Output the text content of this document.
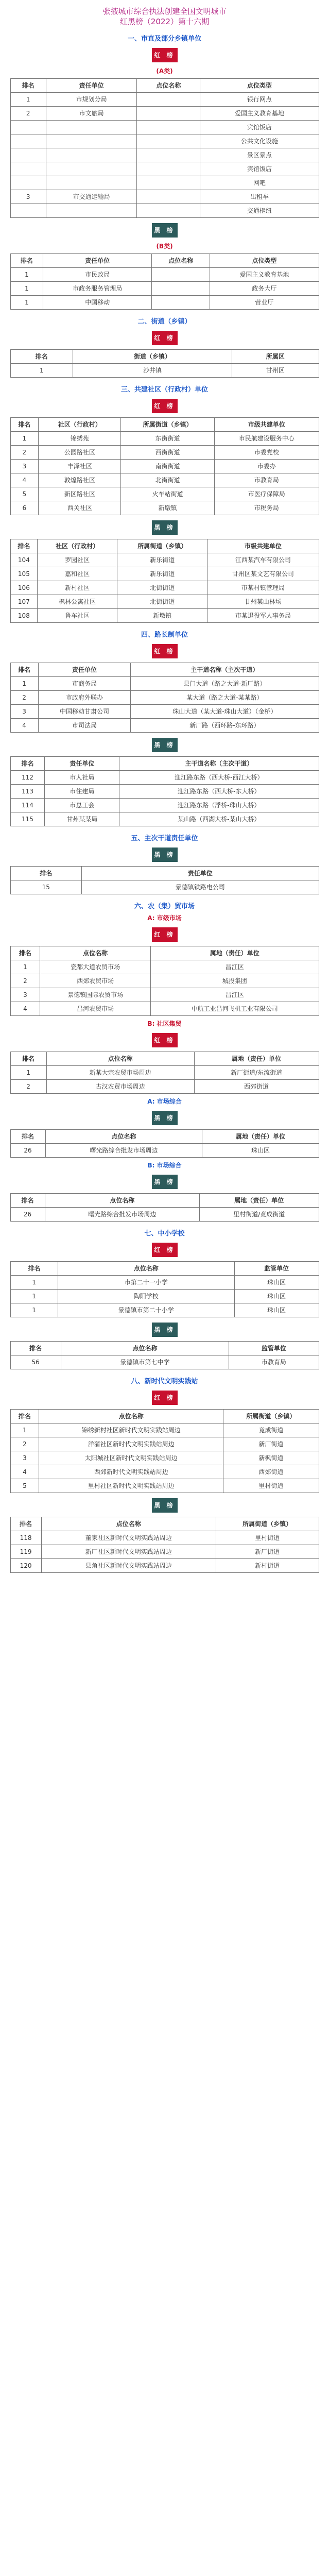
张掖城市综合执法创建全国文明城市
红黑榜（2022）第十六期
一、市直及部分乡镇单位
红 榜
(A类)
排名	责任单位	点位名称	点位类型
1	市规划分局		银行网点
2	市文旅局		爱国主义教育基地
			宾馆饭店
			公共文化设施
			景区景点
			宾馆饭店
			网吧
3	市交通运输局		出租车
			交通枢纽
黑 榜
(B类)
排名	责任单位	点位名称	点位类型
1	市民政局		爱国主义教育基地
1	市政务服务管理局		政务大厅
1	中国移动		营业厅
二、街道（乡镇）
红 榜
排名	街道（乡镇）	所属区
1	沙井镇	甘州区
三、共建社区（行政村）单位
红 榜
排名	社区（行政村）	所属街道（乡镇）	市级共建单位
1	锦绣苑	东街街道	市民航建设服务中心
2	公园路社区	西街街道	市委党校
3	丰泽社区	南街街道	市委办
4	敦煌路社区	北街街道	市教育局
5	新区路社区	火车站街道	市医疗保障局
6	西关社区	新墩镇	市税务局
黑 榜
排名	社区（行政村）	所属街道（乡镇）	市级共建单位
104	罗园社区	新乐街道	江西某汽车有限公司
105	嘉和社区	新乐街道	甘州区某文艺有限公司
106	新村社区	北街街道	市某村镇管理局
107	枫林公寓社区	北街街道	甘州某山林场
108	鲁车社区	新墩镇	市某退役军人事务局
四、路长制单位
红 榜
排名	责任单位	主干道名称（主次干道）
1	市商务局	县门大道（路之大道-新厂路）
2	市政府外联办	某大道（路之大道-某某路）
3	中国移动甘肃公司	珠山大道（某大道-珠山大道）（金桥）
4	市司法局	新厂路（西环路-东环路）
黑 榜
排名	责任单位	主干道名称（主次干道）
112	市人社局	迎江路东路（西大桥-西江大桥）
113	市住建局	迎江路东路（西大桥-东大桥）
114	市总工会	迎江路东路（浮桥-珠山大桥）
115	甘州某某局	某山路（西湖大桥-某山大桥）
五、主次干道责任单位
黑 榜
排名	责任单位
15	景德镇铁路电公司
六、农（集）贸市场
A: 市级市场
红 榜
排名	点位名称	属地（责任）单位
1	瓷都大道农贸市场	昌江区
2	西郊农贸市场	城投集团
3	景德镇国际农贸市场	昌江区
4	昌河农贸市场	中航工业昌河飞机工业有限公司
B: 社区集贸
红 榜
排名	点位名称	属地（责任）单位
1	新某大宗农贸市场周边	新厂街道/东流街道
2	古汉农贸市场周边	西郊街道
A: 市场综合
黑 榜
排名	点位名称	属地（责任）单位
26	曙光路综合批发市场周边	珠山区
B: 市场综合
黑 榜
排名	点位名称	属地（责任）单位
26	曙光路综合批发市场周边	里村街道/竟成街道
七、中小学校
红 榜
排名	点位名称	监管单位
1	市第二十一小学	珠山区
1	陶阳学校	珠山区
1	景德镇市第二十小学	珠山区
黑 榜
排名	点位名称	监管单位
56	景德镇市第七中学	市教育局
八、新时代文明实践站
红 榜
排名	点位名称	所属街道（乡镇）
1	锦绣新村社区新时代文明实践站周边	竟成街道
2	洋蒲社区新时代文明实践站周边	新厂街道
3	太阳城社区新时代文明实践站周边	新枫街道
4	西郊新时代文明实践站周边	西郊街道
5	里村社区新时代文明实践站周边	里村街道
黑 榜
排名	点位名称	所属街道（乡镇）
118	董家社区新时代文明实践站周边	里村街道
119	新厂社区新时代文明实践站周边	新厂街道
120	县角社区新时代文明实践站周边	新村街道
